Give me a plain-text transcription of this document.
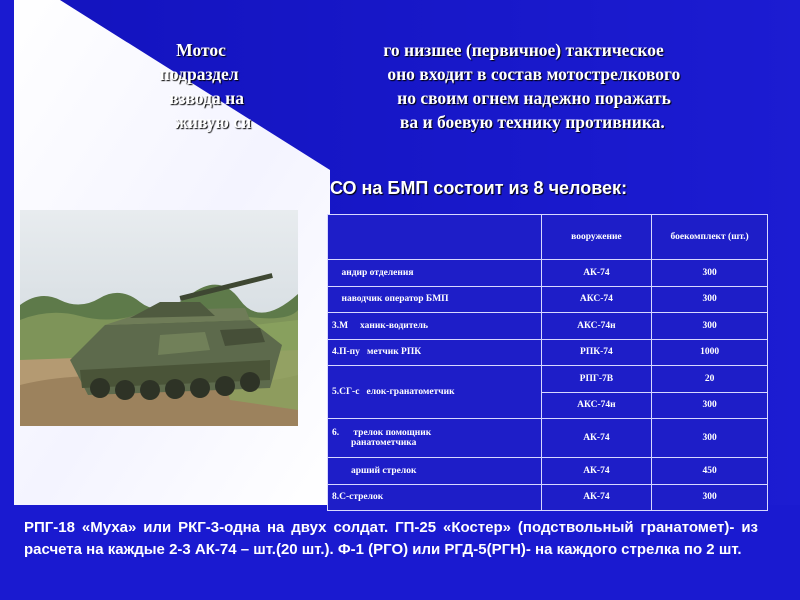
Мотос                                    го низшее (первичное) тактическое
подраздел                                  оно входит в состав мотострелкового
взвода на                                   но своим огнем надежно поражать
живую си                                  ва и боевую технику противника.
СО на БМП состоит из 8 человек:
	вооружение	боекомплект (шт.)
андир отделения	АК-74	300
наводчик оператор БМП	АКС-74	300
3.М     ханик-водитель	АКС-74н	300
4.П-пу   метчик РПК	РПК-74	1000
5.СГ-с   елок-гранатометчик	РПГ-7В	20
	АКС-74н	300
6.      трелок помощник
ранатометчика	АК-74	300
арший стрелок	АК-74	450
8.С-стрелок	АК-74	300
РПГ-18 «Муха» или РКГ-3-одна на двух солдат. ГП-25 «Костер» (подствольный гранатомет)- из расчета на каждые 2-3 АК-74 – шт.(20 шт.). Ф-1 (РГО) или РГД-5(РГН)- на каждого стрелка по 2 шт.
